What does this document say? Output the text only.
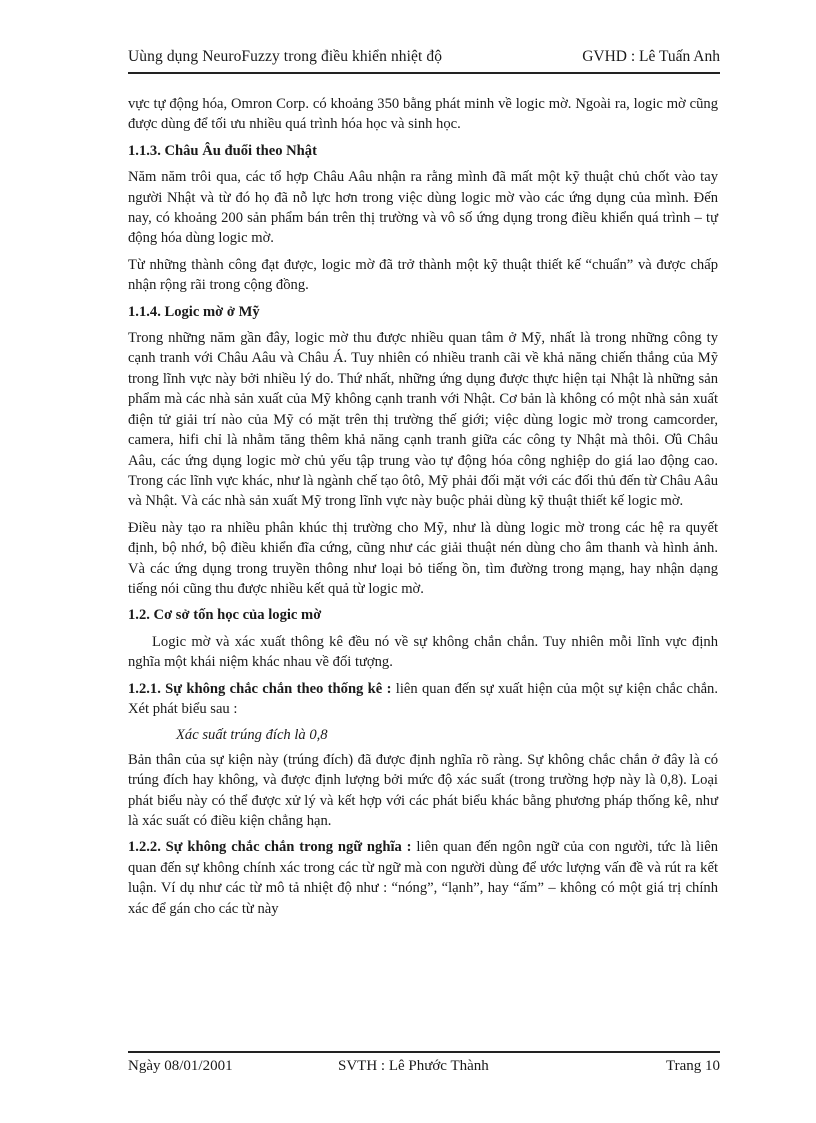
Uùng dụng NeuroFuzzy trong điều khiển nhiệt độ	GVHD : Lê Tuấn Anh

vực tự động hóa, Omron Corp. có khoảng 350 bằng phát minh về logic mờ. Ngoài ra, logic mờ cũng được dùng để tối ưu nhiều quá trình hóa học và sinh học.

1.1.3. Châu Âu đuổi theo Nhật

Năm năm trôi qua, các tổ hợp Châu Aâu nhận ra rằng mình đã mất một kỹ thuật chủ chốt vào tay người Nhật và từ đó họ đã nỗ lực hơn trong việc dùng logic mờ vào các ứng dụng của mình. Đến nay, có khoảng 200 sản phẩm bán trên thị trường và vô số ứng dụng trong điều khiển quá trình – tự động hóa dùng logic mờ.

Từ những thành công đạt được, logic mờ đã trở thành một kỹ thuật thiết kế “chuẩn” và được chấp nhận rộng rãi trong cộng đồng.

1.1.4. Logic mờ ở Mỹ

Trong những năm gần đây, logic mờ thu được nhiều quan tâm ở Mỹ, nhất là trong những công ty cạnh tranh với Châu Aâu và Châu Á. Tuy nhiên có nhiều tranh cãi về khả năng chiến thắng của Mỹ trong lĩnh vực này bởi nhiều lý do. Thứ nhất, những ứng dụng được thực hiện tại Nhật là những sản phẩm mà các nhà sản xuất của Mỹ không cạnh tranh với Nhật. Cơ bản là không có một nhà sản xuất điện tử giải trí nào của Mỹ có mặt trên thị trường thế giới; việc dùng logic mờ trong camcorder, camera, hifi chỉ là nhằm tăng thêm khả năng cạnh tranh giữa các công ty Nhật mà thôi. Ơû Châu Aâu, các ứng dụng logic mờ chủ yếu tập trung vào tự động hóa công nghiệp do giá lao động cao. Trong các lĩnh vực khác, như là ngành chế tạo ôtô, Mỹ phải đối mặt với các đối thủ đến từ Châu Aâu và Nhật. Và các nhà sản xuất Mỹ trong lĩnh vực này buộc phải dùng kỹ thuật thiết kế logic mờ.

Điều này tạo ra nhiều phân khúc thị trường cho Mỹ, như là dùng logic mờ trong các hệ ra quyết định, bộ nhớ, bộ điều khiển đĩa cứng, cũng như các giải thuật nén dùng cho âm thanh và hình ảnh. Và các ứng dụng trong truyền thông như loại bỏ tiếng ồn, tìm đường trong mạng, hay nhận dạng tiếng nói cũng thu được nhiều kết quả từ logic mờ.

1.2. Cơ sở tốn học của logic mờ

Logic mờ và xác xuất thông kê đều nó về sự không chắn chắn. Tuy nhiên mỗi lĩnh vực định nghĩa một khái niệm khác nhau về đối tượng.

1.2.1. Sự không chắc chắn theo thống kê : liên quan đến sự xuất hiện của một sự kiện chắc chắn. Xét phát biểu sau :

Xác suất trúng đích là 0,8

Bản thân của sự kiện này (trúng đích) đã được định nghĩa rõ ràng. Sự không chắc chắn ở đây là có trúng đích hay không, và được định lượng bởi mức độ xác suất (trong trường hợp này là 0,8). Loại phát biểu này có thể được xử lý và kết hợp với các phát biểu khác bằng phương pháp thống kê, như là xác suất có điều kiện chẳng hạn.

1.2.2. Sự không chắc chắn trong ngữ nghĩa : liên quan đến ngôn ngữ của con người, tức là liên quan đến sự không chính xác trong các từ ngữ mà con người dùng để ước lượng vấn đề và rút ra kết luận. Ví dụ như các từ mô tả nhiệt độ như : “nóng”, “lạnh”, hay “ấm” – không có một giá trị chính xác để gán cho các từ này

Ngày 08/01/2001	SVTH : Lê Phước Thành	Trang 10
